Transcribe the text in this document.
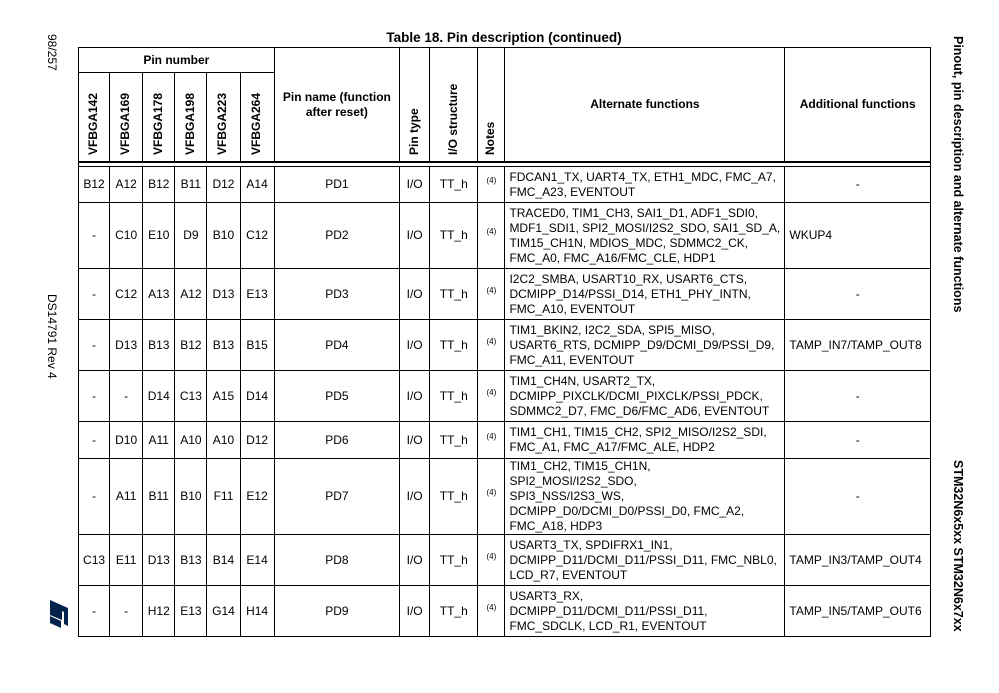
98/257
DS14791 Rev 4
Pinout, pin description and alternate functions
STM32N6x5xx STM32N6x7xx
Table 18. Pin description (continued)
Pin number						Pin name (function after reset)	Pin type	I/O structure	Notes	Alternate functions	Additional functions

VFBGA142	VFBGA169	VFBGA178	VFBGA198	VFBGA223	VFBGA264						

B12	A12	B12	B11	D12	A14	PD1	I/O	TT_h	(4)	FDCAN1_TX, UART4_TX, ETH1_MDC, FMC_A7,
FMC_A23, EVENTOUT	-
-	C10	E10	D9	B10	C12	PD2	I/O	TT_h	(4)	TRACED0, TIM1_CH3, SAI1_D1, ADF1_SDI0,
MDF1_SDI1, SPI2_MOSI/I2S2_SDO, SAI1_SD_A,
TIM15_CH1N, MDIOS_MDC, SDMMC2_CK,
FMC_A0, FMC_A16/FMC_CLE, HDP1	WKUP4
-	C12	A13	A12	D13	E13	PD3	I/O	TT_h	(4)	I2C2_SMBA, USART10_RX, USART6_CTS,
DCMIPP_D14/PSSI_D14, ETH1_PHY_INTN,
FMC_A10, EVENTOUT	-
-	D13	B13	B12	B13	B15	PD4	I/O	TT_h	(4)	TIM1_BKIN2, I2C2_SDA, SPI5_MISO,
USART6_RTS, DCMIPP_D9/DCMI_D9/PSSI_D9,
FMC_A11, EVENTOUT	TAMP_IN7/TAMP_OUT8
-	-	D14	C13	A15	D14	PD5	I/O	TT_h	(4)	TIM1_CH4N, USART2_TX,
DCMIPP_PIXCLK/DCMI_PIXCLK/PSSI_PDCK,
SDMMC2_D7, FMC_D6/FMC_AD6, EVENTOUT	-
-	D10	A11	A10	A10	D12	PD6	I/O	TT_h	(4)	TIM1_CH1, TIM15_CH2, SPI2_MISO/I2S2_SDI,
FMC_A1, FMC_A17/FMC_ALE, HDP2	-
-	A11	B11	B10	F11	E12	PD7	I/O	TT_h	(4)	TIM1_CH2, TIM15_CH1N, SPI2_MOSI/I2S2_SDO,
SPI3_NSS/I2S3_WS,
DCMIPP_D0/DCMI_D0/PSSI_D0, FMC_A2,
FMC_A18, HDP3	-
C13	E11	D13	B13	B14	E14	PD8	I/O	TT_h	(4)	USART3_TX, SPDIFRX1_IN1,
DCMIPP_D11/DCMI_D11/PSSI_D11, FMC_NBL0,
LCD_R7, EVENTOUT	TAMP_IN3/TAMP_OUT4
-	-	H12	E13	G14	H14	PD9	I/O	TT_h	(4)	USART3_RX,
DCMIPP_D11/DCMI_D11/PSSI_D11,
FMC_SDCLK, LCD_R1, EVENTOUT	TAMP_IN5/TAMP_OUT6
